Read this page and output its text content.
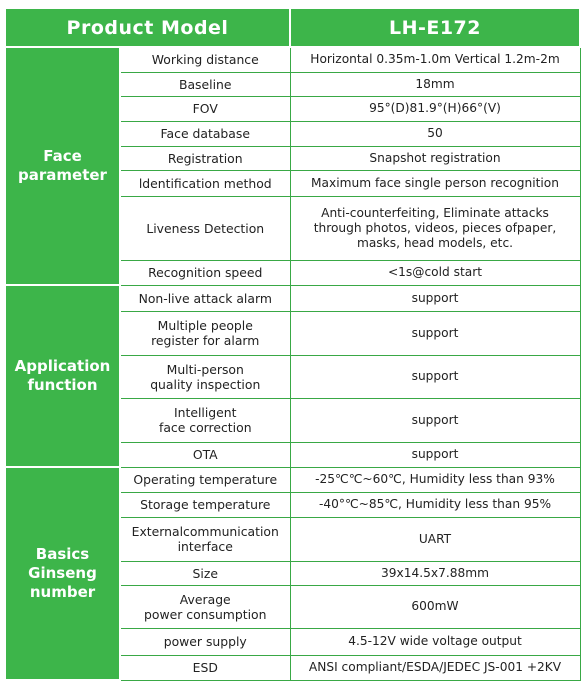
Product Model		LH-E172
Face
parameter	Working distance	Horizontal 0.35m-1.0m Vertical 1.2m-2m
	Baseline	18mm
	FOV	95°(D)81.9°(H)66°(V)
	Face database	50
	Registration	Snapshot registration
	ldentification method	Maximum face single person recognition
	Liveness Detection	Anti-counterfeiting, Eliminate attacks
through photos, videos, pieces ofpaper,
masks, head models, etc.
	Recognition speed	<1s@cold start
Application
function	Non-live attack alarm	support
	Multiple people
register for alarm	support
	Multi-person
quality inspection	support
	Intelligent
face correction	support
	OTA	support
Basics
Ginseng
number	Operating temperature	-25℃℃~60℃, Humidity less than 93%
	Storage temperature	-40°℃~85℃, Humidity less than 95%
	Externalcommunication
interface	UART
	Size	39x14.5x7.88mm
	Average
power consumption	600mW
	power supply	4.5-12V wide voltage output
	ESD	ANSI compliant/ESDA/JEDEC JS-001 +2KV
